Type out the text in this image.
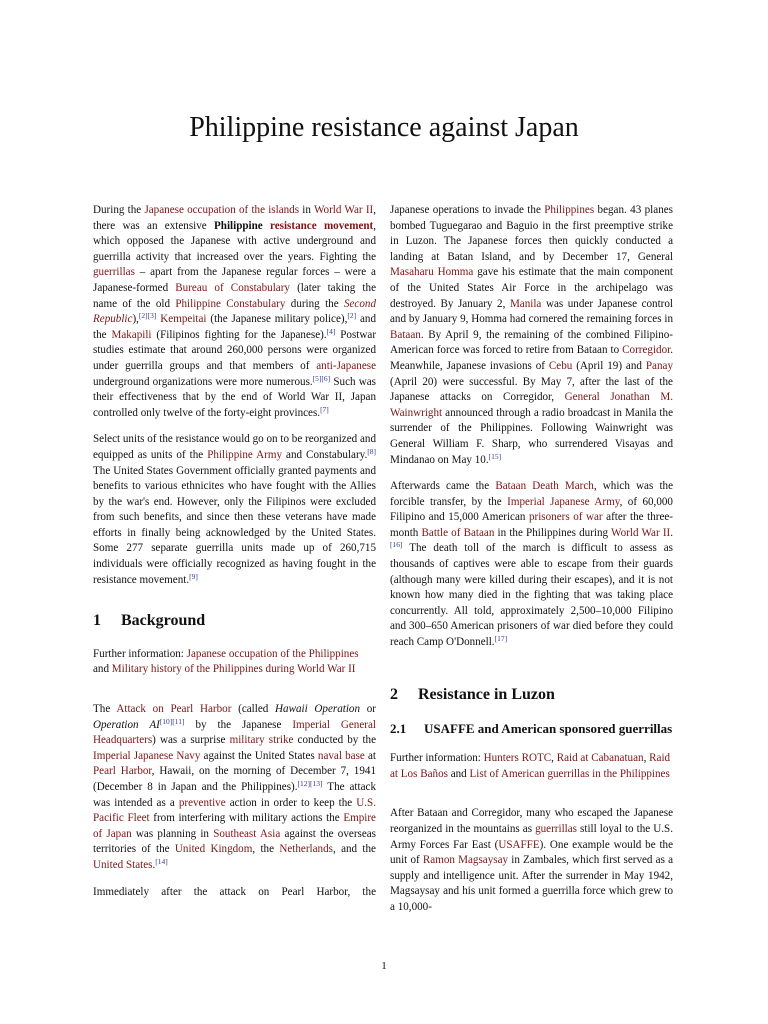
Philippine resistance against Japan

During the Japanese occupation of the islands in World War II, there was an extensive Philippine resistance movement, which opposed the Japanese with active underground and guerrilla activity that increased over the years. Fighting the guerrillas – apart from the Japanese regular forces – were a Japanese-formed Bureau of Constabulary (later taking the name of the old Philippine Constabulary during the Second Republic),[2][3] Kempeitai (the Japanese military police),[2] and the Makapili (Filipinos fighting for the Japanese).[4] Postwar studies estimate that around 260,000 persons were organized under guerrilla groups and that members of anti-Japanese underground organizations were more numerous.[5][6] Such was their effectiveness that by the end of World War II, Japan controlled only twelve of the forty-eight provinces.[7]

Select units of the resistance would go on to be reorganized and equipped as units of the Philippine Army and Constabulary.[8] The United States Government officially granted payments and benefits to various ethnicites who have fought with the Allies by the war's end. However, only the Filipinos were excluded from such benefits, and since then these veterans have made efforts in finally being acknowledged by the United States. Some 277 separate guerrilla units made up of 260,715 individuals were officially recognized as having fought in the resistance movement.[9]

1 Background

Further information: Japanese occupation of the Philippines and Military history of the Philippines during World War II

The Attack on Pearl Harbor (called Hawaii Operation or Operation AI[10][11] by the Japanese Imperial General Headquarters) was a surprise military strike conducted by the Imperial Japanese Navy against the United States naval base at Pearl Harbor, Hawaii, on the morning of December 7, 1941 (December 8 in Japan and the Philippines).[12][13] The attack was intended as a preventive action in order to keep the U.S. Pacific Fleet from interfering with military actions the Empire of Japan was planning in Southeast Asia against the overseas territories of the United Kingdom, the Netherlands, and the United States.[14]

Immediately after the attack on Pearl Harbor, the

Japanese operations to invade the Philippines began. 43 planes bombed Tuguegarao and Baguio in the first preemptive strike in Luzon. The Japanese forces then quickly conducted a landing at Batan Island, and by December 17, General Masaharu Homma gave his estimate that the main component of the United States Air Force in the archipelago was destroyed. By January 2, Manila was under Japanese control and by January 9, Homma had cornered the remaining forces in Bataan. By April 9, the remaining of the combined Filipino-American force was forced to retire from Bataan to Corregidor. Meanwhile, Japanese invasions of Cebu (April 19) and Panay (April 20) were successful. By May 7, after the last of the Japanese attacks on Corregidor, General Jonathan M. Wainwright announced through a radio broadcast in Manila the surrender of the Philippines. Following Wainwright was General William F. Sharp, who surrendered Visayas and Mindanao on May 10.[15]

Afterwards came the Bataan Death March, which was the forcible transfer, by the Imperial Japanese Army, of 60,000 Filipino and 15,000 American prisoners of war after the three-month Battle of Bataan in the Philippines during World War II.[16] The death toll of the march is difficult to assess as thousands of captives were able to escape from their guards (although many were killed during their escapes), and it is not known how many died in the fighting that was taking place concurrently. All told, approximately 2,500–10,000 Filipino and 300–650 American prisoners of war died before they could reach Camp O'Donnell.[17]

2 Resistance in Luzon
2.1	USAFFE and American sponsored guerrillas

Further information: Hunters ROTC, Raid at Cabanatuan, Raid at Los Baños and List of American guerrillas in the Philippines

After Bataan and Corregidor, many who escaped the Japanese reorganized in the mountains as guerrillas still loyal to the U.S. Army Forces Far East (USAFFE). One example would be the unit of Ramon Magsaysay in Zambales, which first served as a supply and intelligence unit. After the surrender in May 1942, Magsaysay and his unit formed a guerrilla force which grew to a 10,000-

1
